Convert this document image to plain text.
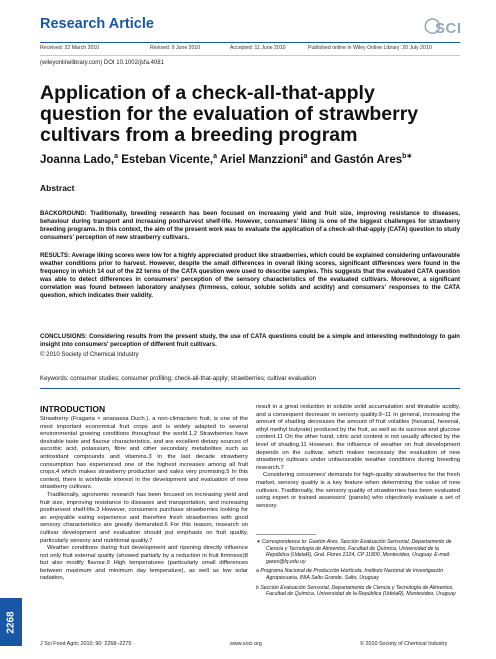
Research Article	◯
SCI
Received: 22 March 2010	Revised: 9 June 2010	Accepted: 11 June 2010	Published online in Wiley Online Library: 20 July 2010
(wileyonlinelibrary.com) DOI 10.1002/jsfa.4081
Application of a check-all-that-apply question for the evaluation of strawberry cultivars from a breeding program
Joanna Lado,$^a$ Esteban Vicente,$^a$ Ariel Manzzioni$^a$ and Gastón Ares$^{b∗}$
Abstract
BACKGROUND: Traditionally, breeding research has been focused on increasing yield and fruit size, improving resistance to diseases, behaviour during transport and increasing postharvest shelf-life. However, consumers' liking is one of the biggest challenges for strawberry breeding programs. In this context, the aim of the present work was to evaluate the application of a check-all-that-apply (CATA) question to study consumers' perception of new strawberry cultivars.
RESULTS: Average liking scores were low for a highly appreciated product like strawberries, which could be explained considering unfavourable weather conditions prior to harvest. However, despite the small differences in overall liking scores, significant differences were found in the frequency in which 14 out of the 22 terms of the CATA question were used to describe samples. This suggests that the evaluated CATA question was able to detect differences in consumers' perception of the sensory characteristics of the evaluated cultivars. Moreover, a significant correlation was found between laboratory analyses (firmness, colour, soluble solids and acidity) and consumers' responses to the CATA question, which indicates their validity.
CONCLUSIONS: Considering results from the present study, the use of CATA questions could be a simple and interesting methodology to gain insight into consumers' perception of different fruit cultivars.
© 2010 Society of Chemical Industry
Keywords: consumer studies; consumer profiling; check-all-that-apply; strawberries; cultivar evaluation
INTRODUCTION

Strawberry (Fragaria × ananassa Duch.), a non-climacteric fruit, is one of the most important economical fruit crops and is widely adapted to several environmental growing conditions throughout the world.1,2 Strawberries have desirable taste and flavour characteristics, and are excellent dietary sources of ascorbic acid, potassium, fibre and other secondary metabolites such as antioxidant compounds and vitamins.3 In the last decade strawberry consumption has experienced one of the highest increases among all fruit crops,4 which makes strawberry production and sales very promising.5 In this context, there is worldwide interest in the development and evaluation of new strawberry cultivars.

Traditionally, agronomic research has been focused on increasing yield and fruit size, improving resistance to diseases and transportation, and increasing postharvest shelf-life.3 However, consumers purchase strawberries looking for an enjoyable eating experience and therefore fresh strawberries with good sensory characteristics are greatly demanded.6 For this reason, research on cultivar development and evaluation should put emphasis on fruit quality, particularly sensory and nutritional quality.7

Weather conditions during fruit development and ripening directly influence not only fruit external quality (showed partially by a reduction in fruit firmness)8 but also modify flavour.9 High temperatures (particularly small differences between maximum and minimum day temperature), as well as low solar radiation,

result in a great reduction in soluble solid accumulation and titratable acidity, and a consequent decrease in sensory quality.9–11 In general, increasing the amount of shading decreases the amount of fruit volatiles (hexanal, hexenal, ethyl methyl butyrate) produced by the fruit, as well as its sucrose and glucose content.11 On the other hand, citric acid content is not usually affected by the level of shading.11 However, the influence of weather on fruit development depends on the cultivar, which makes necessary the evaluation of new strawberry cultivars under unfavourable weather conditions during breeding research.7

Considering consumers' demands for high-quality strawberries for the fresh market, sensory quality is a key feature when determining the value of new cultivars. Traditionally, the sensory quality of strawberries has been evaluated using expert or trained assessors' (panels) who objectively evaluate a set of sensory

∗ Correspondence to: Gastón Ares, Sección Evaluación Sensorial, Departamento de Ciencia y Tecnología de Alimentos, Facultad de Química, Universidad de la República (UdelaR), Gral. Flores 2124, CP 11800, Montevideo, Uruguay. E-mail: gares@fq.edu.uy

a Programa Nacional de Producción Hortícola, Instituto Nacional de Investigación Agropecuaria, INIA Salto Grande, Salto, Uruguay

b Sección Evaluación Sensorial, Departamento de Ciencia y Tecnología de Alimentos, Facultad de Química, Universidad de la República (UdelaR), Montevideo, Uruguay

2268
J Sci Food Agric 2010; 90: 2268–2275	www.soci.org	© 2010 Society of Chemical Industry
